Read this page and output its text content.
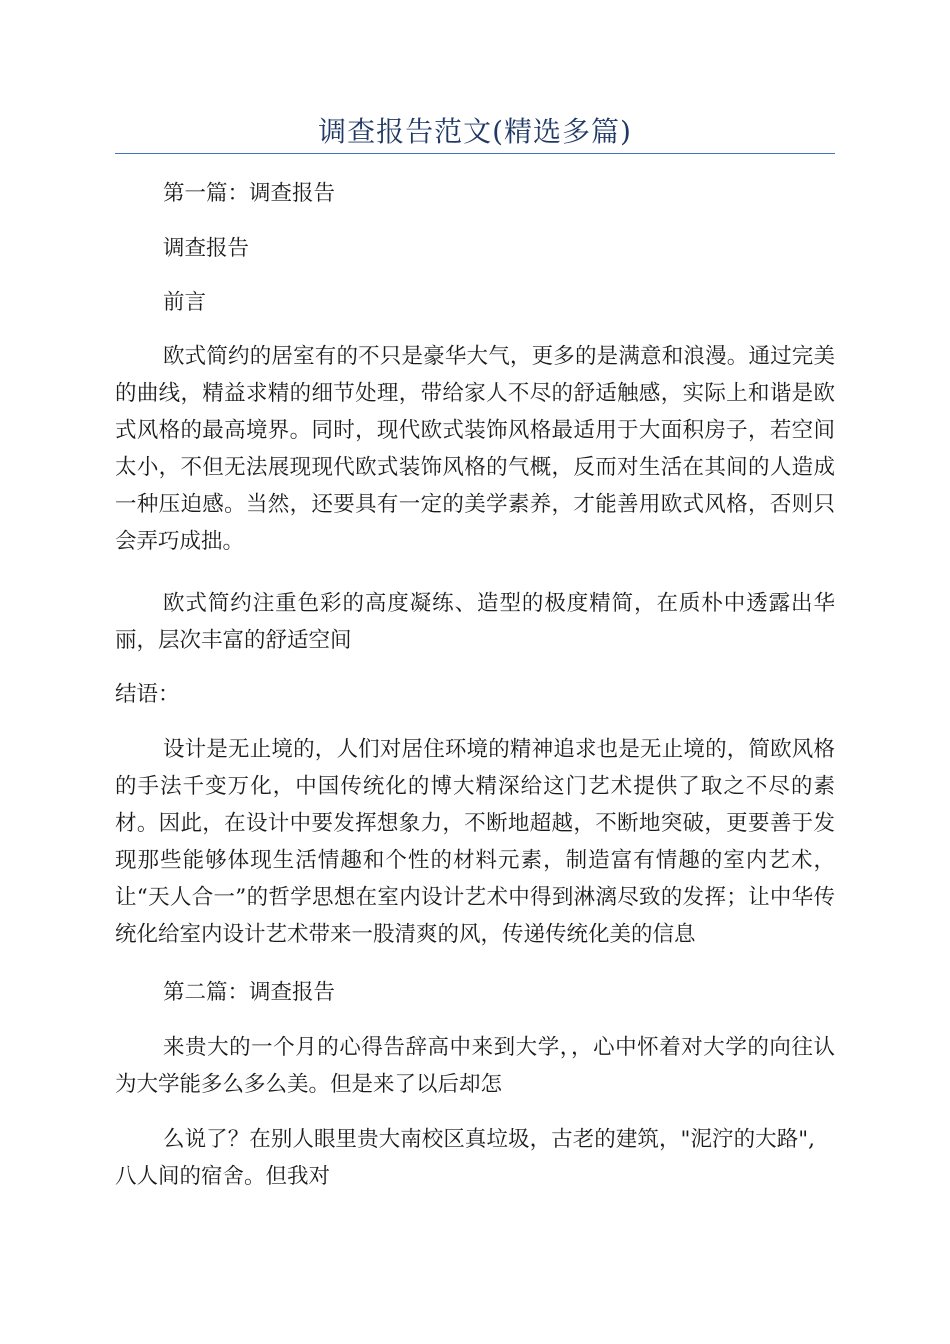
调查报告范文(精选多篇)

第一篇：调查报告

调查报告

前言

欧式简约的居室有的不只是豪华大气，更多的是满意和浪漫。通过完美的曲线，精益求精的细节处理，带给家人不尽的舒适触感，实际上和谐是欧式风格的最高境界。同时，现代欧式装饰风格最适用于大面积房子，若空间太小，不但无法展现现代欧式装饰风格的气概，反而对生活在其间的人造成一种压迫感。当然，还要具有一定的美学素养，才能善用欧式风格，否则只会弄巧成拙。

欧式简约注重色彩的高度凝练、造型的极度精简，在质朴中透露出华丽，层次丰富的舒适空间

结语：

设计是无止境的，人们对居住环境的精神追求也是无止境的，简欧风格的手法千变万化，中国传统化的博大精深给这门艺术提供了取之不尽的素材。因此，在设计中要发挥想象力，不断地超越，不断地突破，更要善于发现那些能够体现生活情趣和个性的材料元素，制造富有情趣的室内艺术，让“天人合一”的哲学思想在室内设计艺术中得到淋漓尽致的发挥；让中华传统化给室内设计艺术带来一股清爽的风，传递传统化美的信息

第二篇：调查报告

来贵大的一个月的心得告辞高中来到大学，，心中怀着对大学的向往认为大学能多么多么美。但是来了以后却怎

么说了？在别人眼里贵大南校区真垃圾，古老的建筑，"泥泞的大路",八人间的宿舍。但我对
